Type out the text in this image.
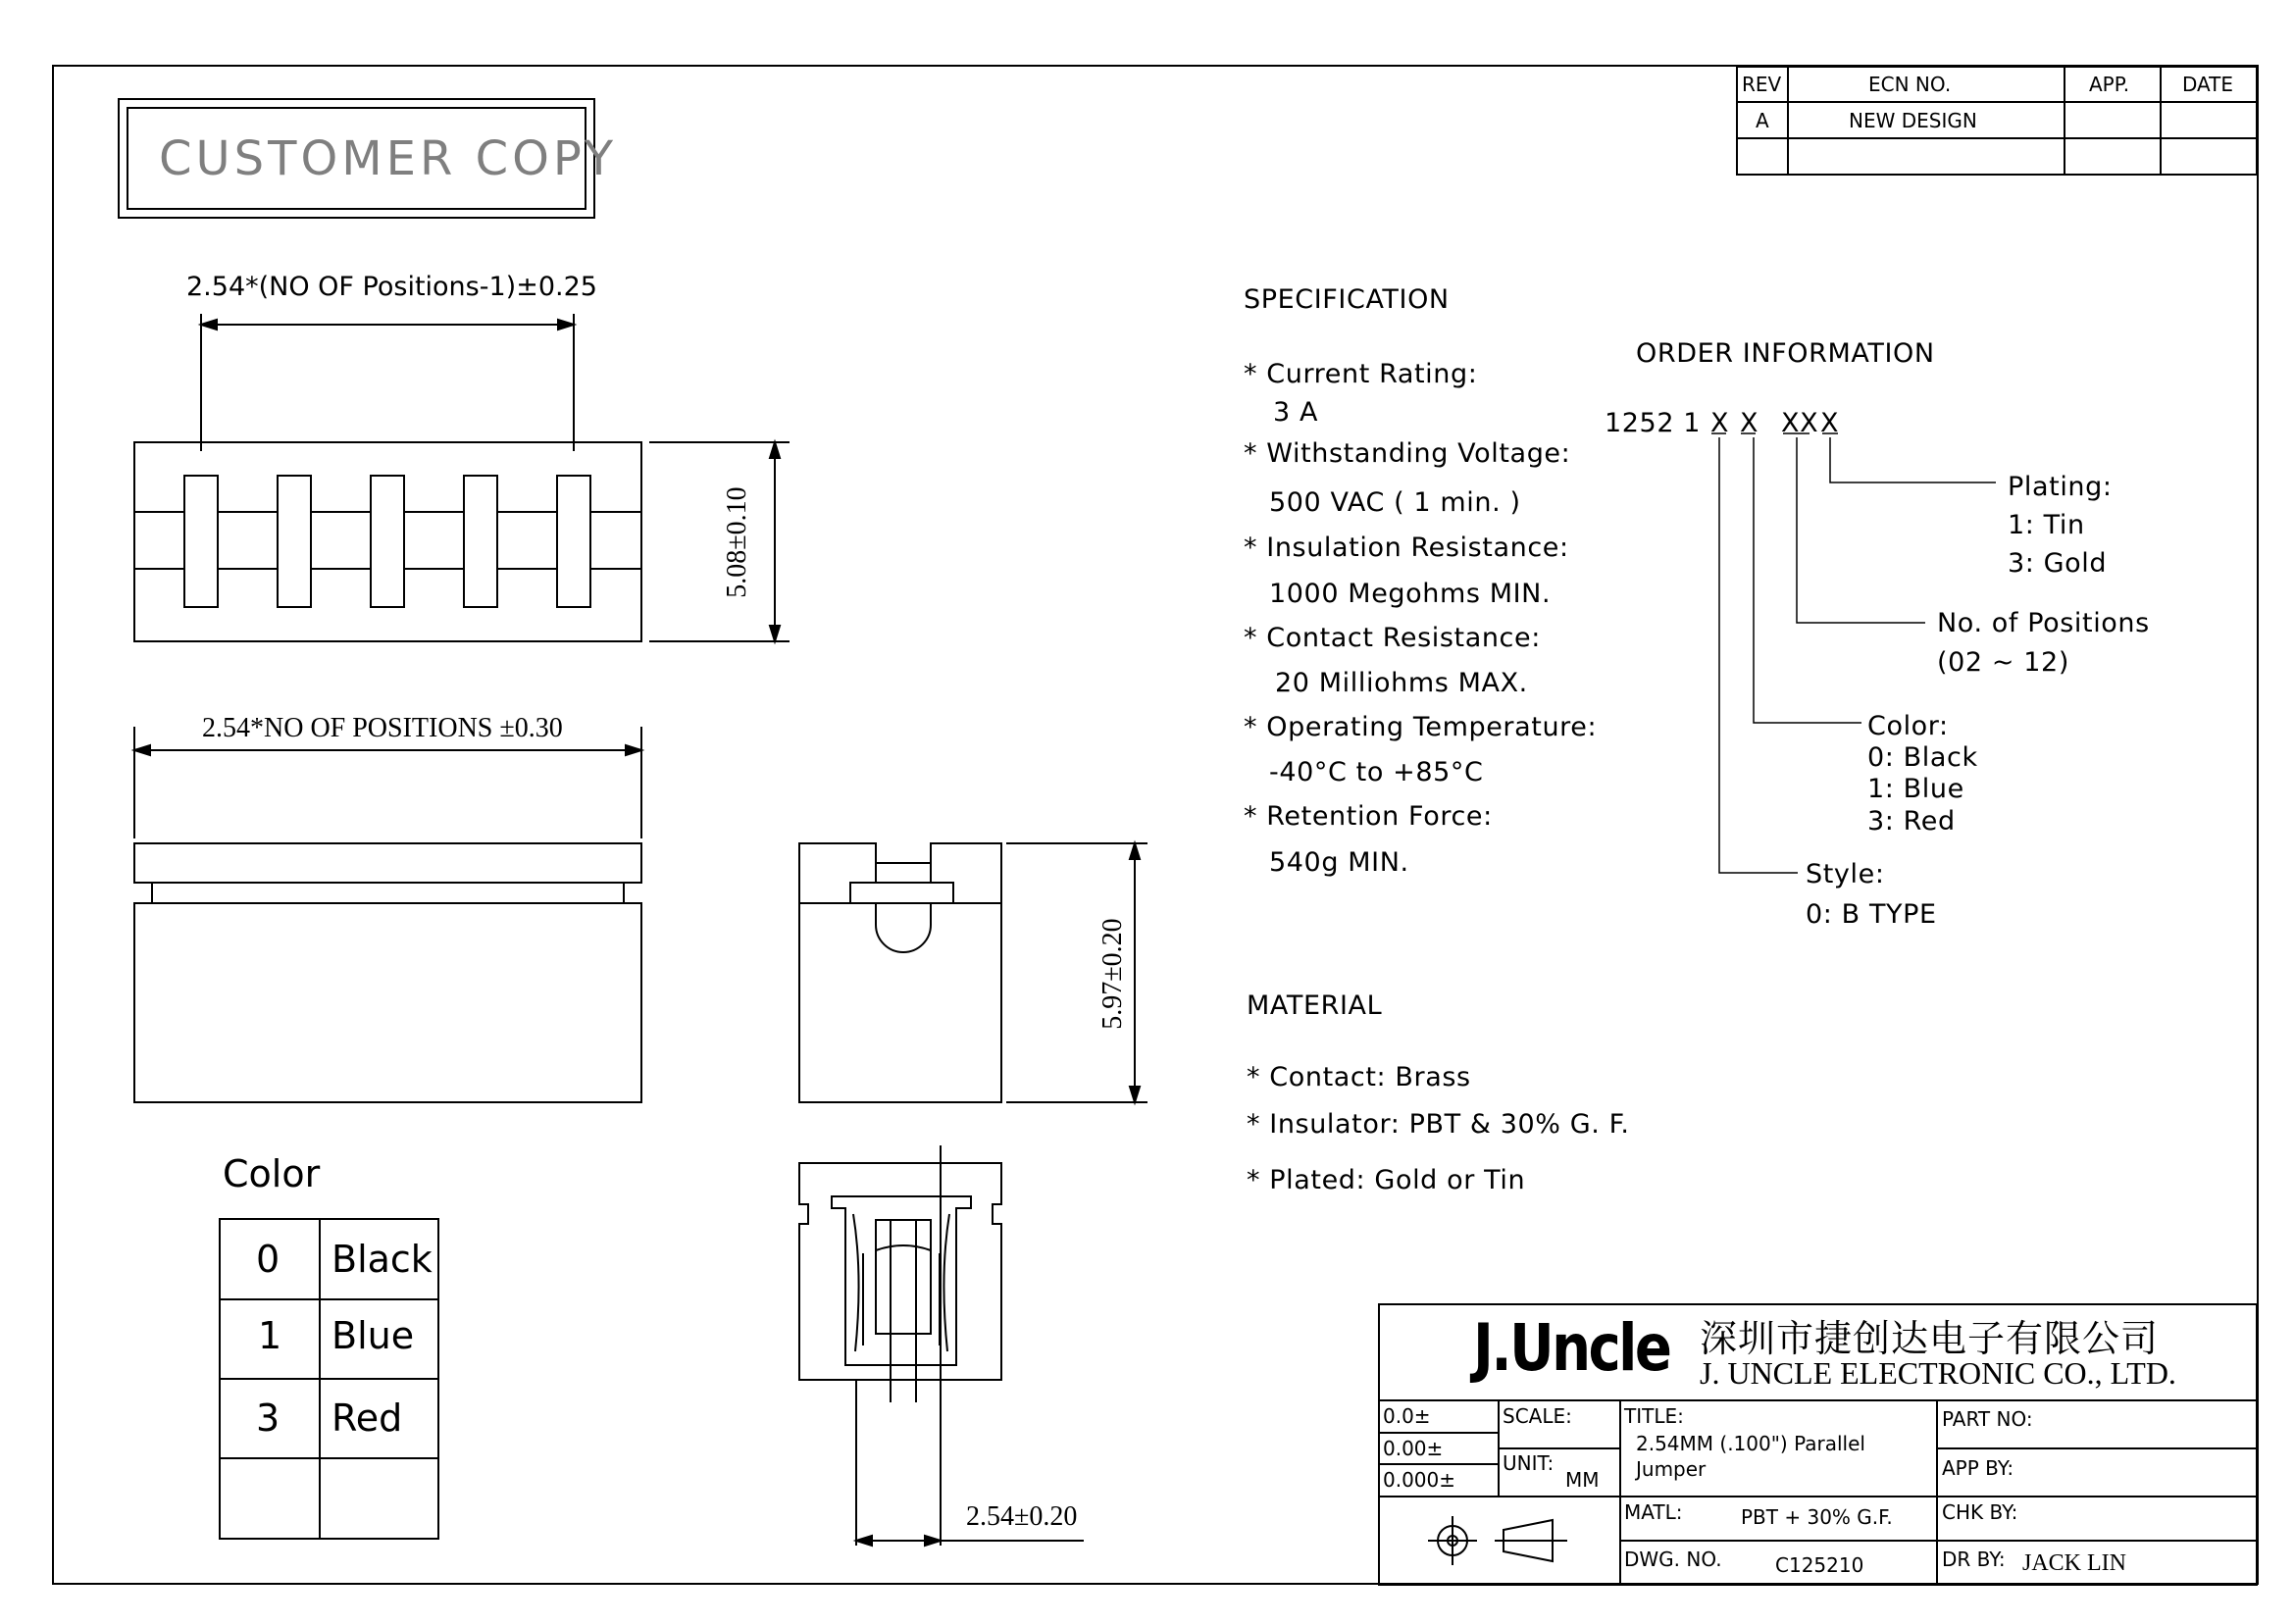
CUSTOMER COPY
REV	ECN NO.	APP.	DATE
A	NEW DESIGN
2.54*(NO OF Positions-1)±0.25
5.08±0.10
2.54*NO OF POSITIONS ±0.30
5.97±0.20
2.54±0.20
Color
0 Black
1 Blue
3 Red
SPECIFICATION
* Current Rating:
3 A
* Withstanding Voltage:
500 VAC ( 1 min. )
* Insulation Resistance:
1000 Megohms MIN.
* Contact Resistance:
20 Milliohms MAX.
* Operating Temperature:
-40°C to +85°C
* Retention Force:
540g MIN.
ORDER INFORMATION
1252 1 X X XX X
Plating:
1: Tin
3: Gold
No. of Positions
(02 ~ 12)
Color:
0: Black
1: Blue
3: Red
Style:
0: B TYPE
MATERIAL
* Contact: Brass
* Insulator: PBT & 30% G. F.
* Plated: Gold or Tin
J.Uncle 深圳市捷创达电子有限公司
J. UNCLE ELECTRONIC CO., LTD.
0.0±
0.00±
0.000±
SCALE:
UNIT:
MM
TITLE:
2.54MM (.100") Parallel
Jumper
MATL:	PBT + 30% G.F.
DWG. NO.	C125210
PART NO:
APP BY:
CHK BY:
DR BY: JACK LIN
